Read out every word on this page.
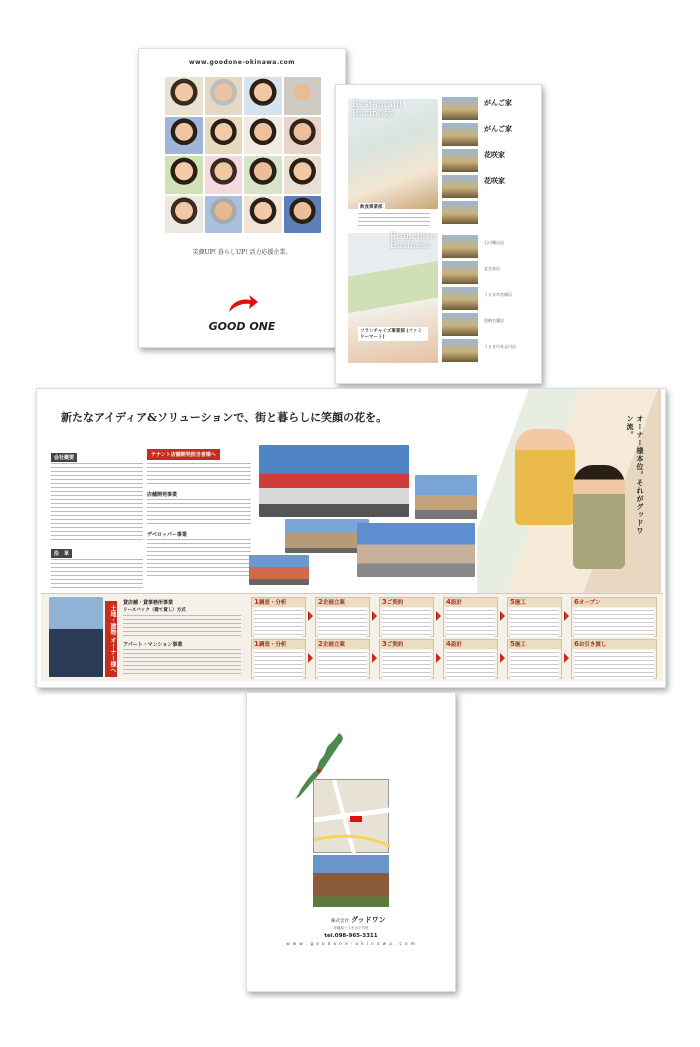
www.goodone-okinawa.com
笑顔UP! 暮らしUP! 活力応援企業。
GOOD ONE
Restaurant Business
飲食事業部
Franchise Business
フランチャイズ事業部 (ファミリーマート)
がんご家
がんご家
花咲家
花咲家
石川舞山店
宜名真店
うるま市宮城店
恩納名護店
うるま市具志川店
新たなアイディア&ソリューションで、街と暮らしに笑顔の花を。
会社概要
沿　革
テナント店舗開発担当者様へ
店舗開発事業
デベロッパー事業	オーナー様本位。それがグッドワン流。
土地・建物 オーナー様へ
貸店舗・貸事務所事業
リースバック（建て貸し）方式
アパート・マンション事業
1調査・分析	2企画立案	3ご契約	4設計	5施工	6オープン
1調査・分析	2企画立案	3ご契約	4設計	5施工	6お引き渡し
株式会社 グッドワン
沖縄県うるま市字宮里
tel.098-965-3311
w w w . g o o d o n e - o k i n a w a . c o m
